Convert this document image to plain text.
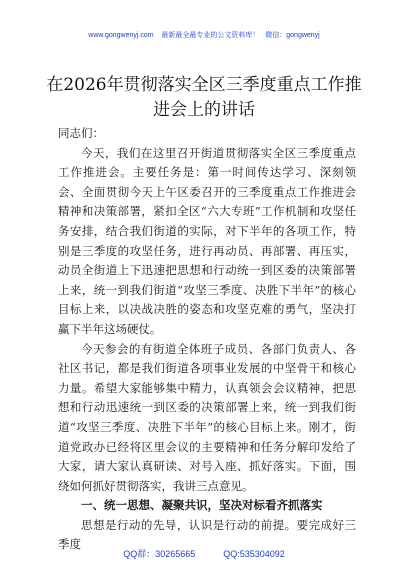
www.gongwenyj.com 最新最全最专业的公文资料库！ 微信：gongwenyj
在2026年贯彻落实全区三季度重点工作推进会上的讲话

同志们：

今天，我们在这里召开街道贯彻落实全区三季度重点工作推进会。主要任务是：第一时间传达学习、深刻领会、全面贯彻今天上午区委召开的三季度重点工作推进会精神和决策部署，紧扣全区“六大专班”工作机制和攻坚任务安排，结合我们街道的实际，对下半年的各项工作，特别是三季度的攻坚任务，进行再动员、再部署、再压实，动员全街道上下迅速把思想和行动统一到区委的决策部署上来，统一到我们街道“攻坚三季度、决胜下半年”的核心目标上来，以决战决胜的姿态和攻坚克难的勇气，坚决打赢下半年这场硬仗。

今天参会的有街道全体班子成员、各部门负责人、各社区书记，都是我们街道各项事业发展的中坚骨干和核心力量。希望大家能够集中精力，认真领会会议精神，把思想和行动迅速统一到区委的决策部署上来，统一到我们街道“攻坚三季度、决胜下半年”的核心目标上来。刚才，街道党政办已经将区里会议的主要精神和任务分解印发给了大家，请大家认真研读、对号入座、抓好落实。下面，围绕如何抓好贯彻落实，我讲三点意见。

一、统一思想、凝聚共识，坚决对标看齐抓落实

思想是行动的先导，认识是行动的前提。要完成好三季度

QQ群：30265665	QQ:535304092
